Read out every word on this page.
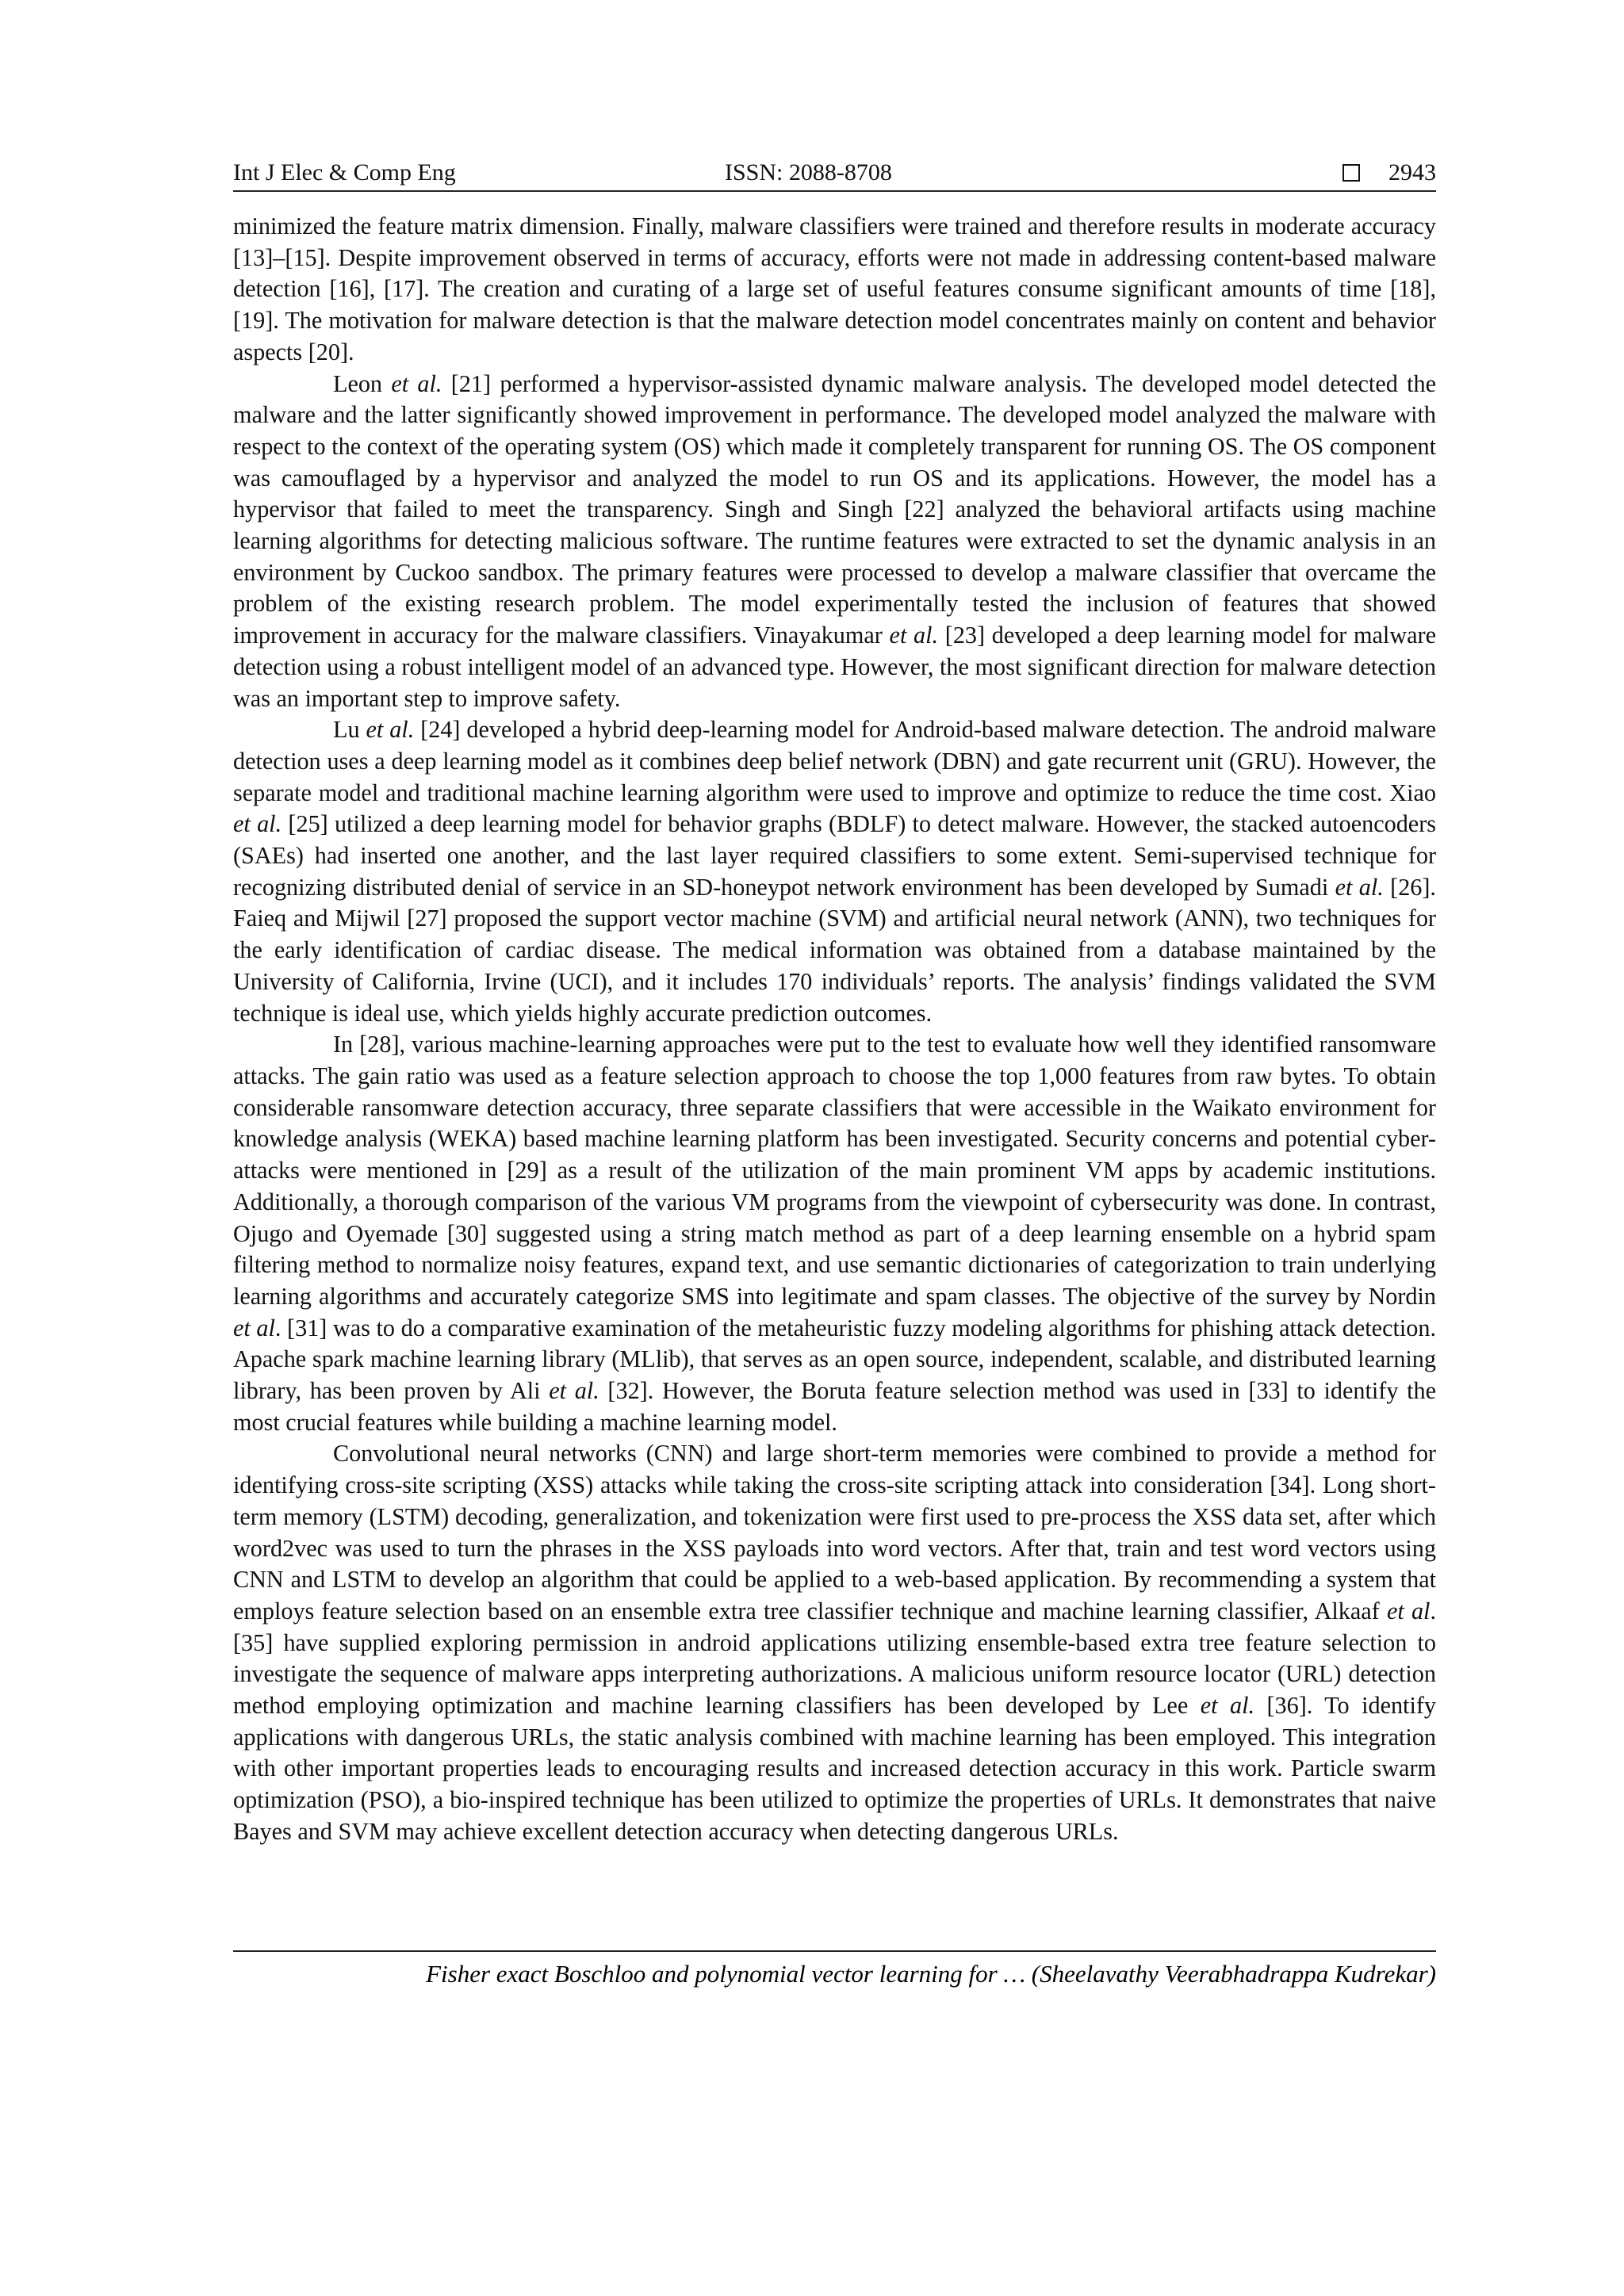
Int J Elec & Comp Eng	ISSN: 2088-8708	2943

minimized the feature matrix dimension. Finally, malware classifiers were trained and therefore results in moderate accuracy [13]–[15]. Despite improvement observed in terms of accuracy, efforts were not made in addressing content-based malware detection [16], [17]. The creation and curating of a large set of useful features consume significant amounts of time [18], [19]. The motivation for malware detection is that the malware detection model concentrates mainly on content and behavior aspects [20].

Leon et al. [21] performed a hypervisor-assisted dynamic malware analysis. The developed model detected the malware and the latter significantly showed improvement in performance. The developed model analyzed the malware with respect to the context of the operating system (OS) which made it completely transparent for running OS. The OS component was camouflaged by a hypervisor and analyzed the model to run OS and its applications. However, the model has a hypervisor that failed to meet the transparency. Singh and Singh [22] analyzed the behavioral artifacts using machine learning algorithms for detecting malicious software. The runtime features were extracted to set the dynamic analysis in an environment by Cuckoo sandbox. The primary features were processed to develop a malware classifier that overcame the problem of the existing research problem. The model experimentally tested the inclusion of features that showed improvement in accuracy for the malware classifiers. Vinayakumar et al. [23] developed a deep learning model for malware detection using a robust intelligent model of an advanced type. However, the most significant direction for malware detection was an important step to improve safety.

Lu et al. [24] developed a hybrid deep-learning model for Android-based malware detection. The android malware detection uses a deep learning model as it combines deep belief network (DBN) and gate recurrent unit (GRU). However, the separate model and traditional machine learning algorithm were used to improve and optimize to reduce the time cost. Xiao et al. [25] utilized a deep learning model for behavior graphs (BDLF) to detect malware. However, the stacked autoencoders (SAEs) had inserted one another, and the last layer required classifiers to some extent. Semi-supervised technique for recognizing distributed denial of service in an SD-honeypot network environment has been developed by Sumadi et al. [26]. Faieq and Mijwil [27] proposed the support vector machine (SVM) and artificial neural network (ANN), two techniques for the early identification of cardiac disease. The medical information was obtained from a database maintained by the University of California, Irvine (UCI), and it includes 170 individuals’ reports. The analysis’ findings validated the SVM technique is ideal use, which yields highly accurate prediction outcomes.

In [28], various machine-learning approaches were put to the test to evaluate how well they identified ransomware attacks. The gain ratio was used as a feature selection approach to choose the top 1,000 features from raw bytes. To obtain considerable ransomware detection accuracy, three separate classifiers that were accessible in the Waikato environment for knowledge analysis (WEKA) based machine learning platform has been investigated. Security concerns and potential cyber-attacks were mentioned in [29] as a result of the utilization of the main prominent VM apps by academic institutions. Additionally, a thorough comparison of the various VM programs from the viewpoint of cybersecurity was done. In contrast, Ojugo and Oyemade [30] suggested using a string match method as part of a deep learning ensemble on a hybrid spam filtering method to normalize noisy features, expand text, and use semantic dictionaries of categorization to train underlying learning algorithms and accurately categorize SMS into legitimate and spam classes. The objective of the survey by Nordin et al. [31] was to do a comparative examination of the metaheuristic fuzzy modeling algorithms for phishing attack detection. Apache spark machine learning library (MLlib), that serves as an open source, independent, scalable, and distributed learning library, has been proven by Ali et al. [32]. However, the Boruta feature selection method was used in [33] to identify the most crucial features while building a machine learning model.

Convolutional neural networks (CNN) and large short-term memories were combined to provide a method for identifying cross-site scripting (XSS) attacks while taking the cross-site scripting attack into consideration [34]. Long short-term memory (LSTM) decoding, generalization, and tokenization were first used to pre-process the XSS data set, after which word2vec was used to turn the phrases in the XSS payloads into word vectors. After that, train and test word vectors using CNN and LSTM to develop an algorithm that could be applied to a web-based application. By recommending a system that employs feature selection based on an ensemble extra tree classifier technique and machine learning classifier, Alkaaf et al. [35] have supplied exploring permission in android applications utilizing ensemble-based extra tree feature selection to investigate the sequence of malware apps interpreting authorizations. A malicious uniform resource locator (URL) detection method employing optimization and machine learning classifiers has been developed by Lee et al. [36]. To identify applications with dangerous URLs, the static analysis combined with machine learning has been employed. This integration with other important properties leads to encouraging results and increased detection accuracy in this work. Particle swarm optimization (PSO), a bio-inspired technique has been utilized to optimize the properties of URLs. It demonstrates that naive Bayes and SVM may achieve excellent detection accuracy when detecting dangerous URLs.

Fisher exact Boschloo and polynomial vector learning for … (Sheelavathy Veerabhadrappa Kudrekar)
